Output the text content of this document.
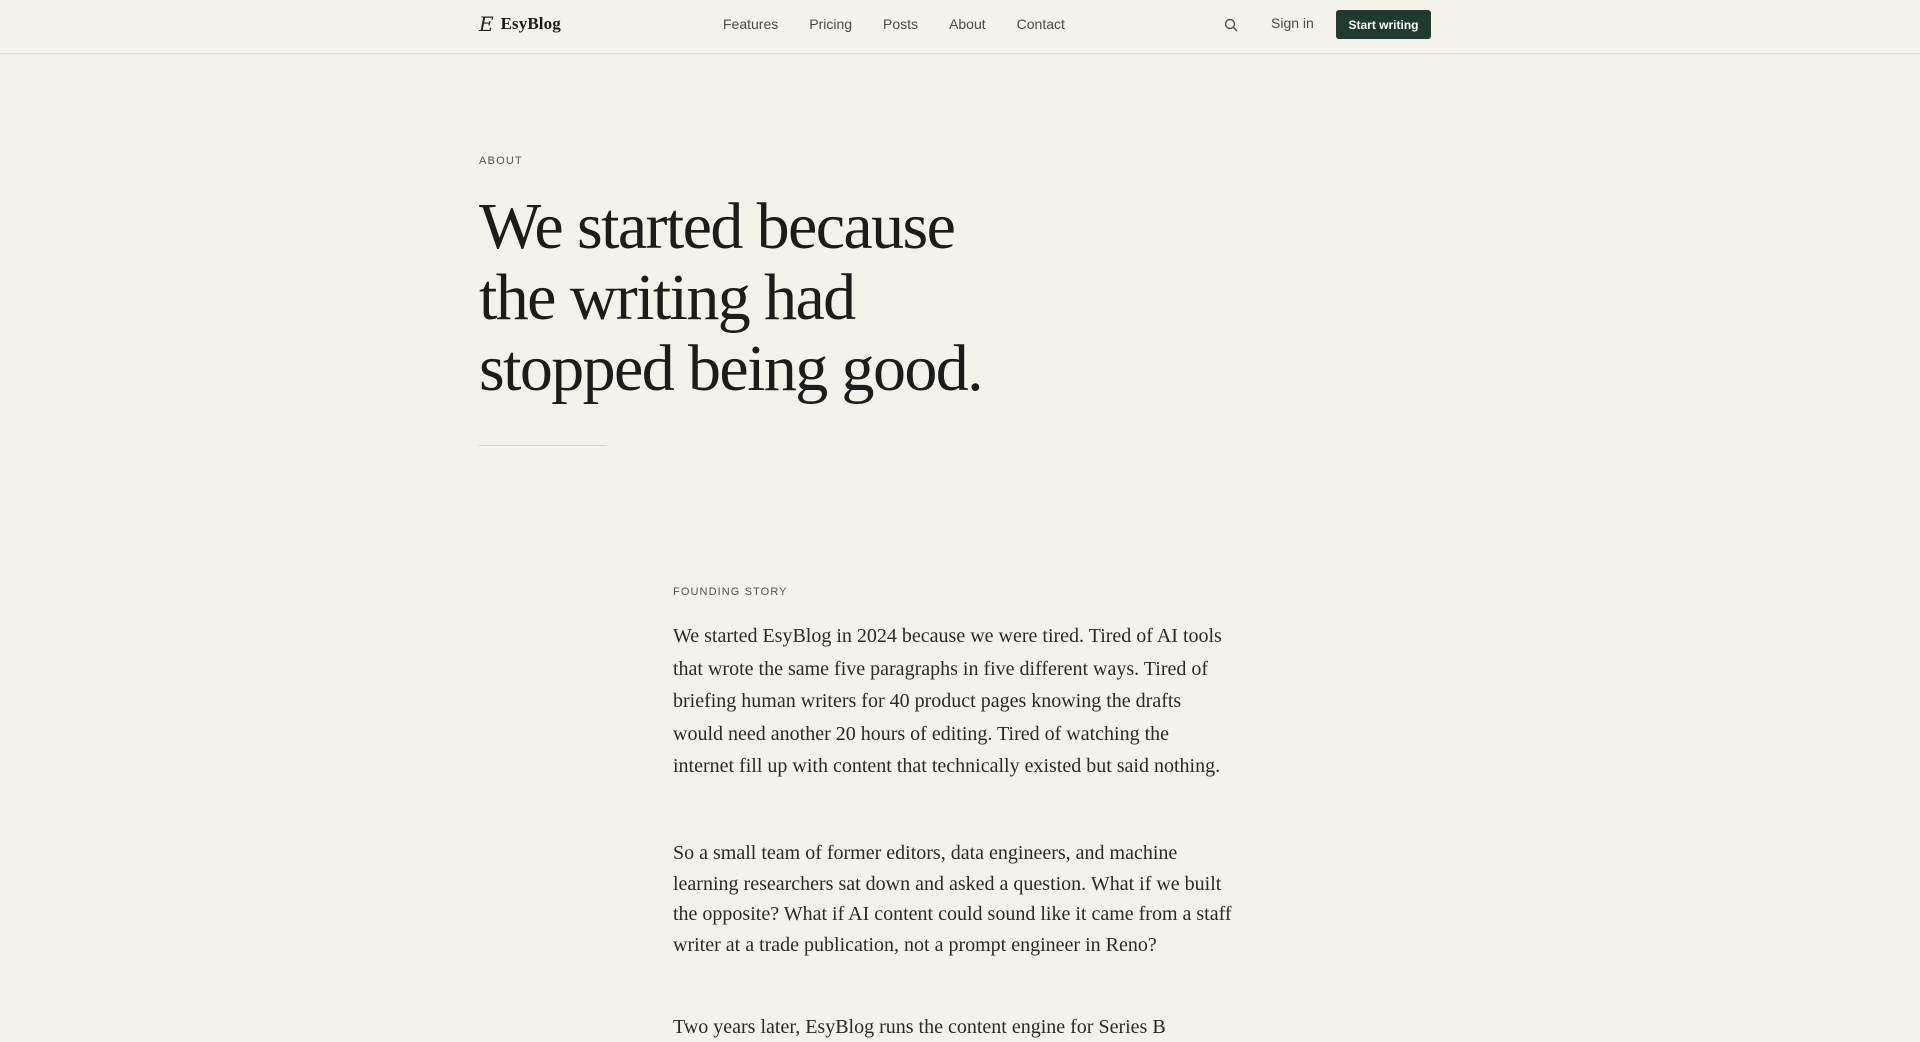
E EsyBlog	Features Pricing Posts About Contact	Sign in	Start writing
ABOUT
We started because
the writing had
stopped being good.
FOUNDING STORY

We started EsyBlog in 2024 because we were tired. Tired of AI tools that wrote the same five paragraphs in five different ways. Tired of briefing human writers for 40 product pages knowing the drafts would need another 20 hours of editing. Tired of watching the internet fill up with content that technically existed but said nothing.

So a small team of former editors, data engineers, and machine learning researchers sat down and asked a question. What if we built the opposite? What if AI content could sound like it came from a staff writer at a trade publication, not a prompt engineer in Reno?

Two years later, EsyBlog runs the content engine for Series B
